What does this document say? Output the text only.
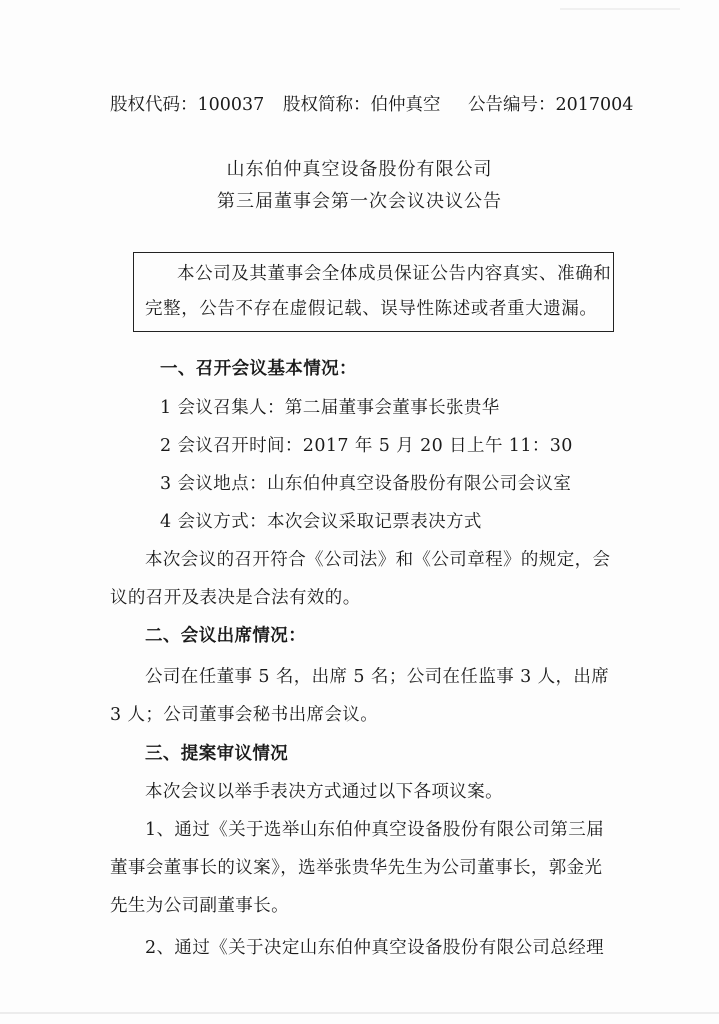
股权代码：100037 股权简称：伯仲真空 公告编号：2017004
山东伯仲真空设备股份有限公司
第三届董事会第一次会议决议公告
本公司及其董事会全体成员保证公告内容真实、准确和
完整，公告不存在虚假记载、误导性陈述或者重大遗漏。
一、召开会议基本情况：
1 会议召集人：第二届董事会董事长张贵华
2 会议召开时间：2017 年 5 月 20 日上午 11：30
3 会议地点：山东伯仲真空设备股份有限公司会议室
4 会议方式：本次会议采取记票表决方式
本次会议的召开符合《公司法》和《公司章程》的规定，会
议的召开及表决是合法有效的。
二、会议出席情况：
公司在任董事 5 名，出席 5 名；公司在任监事 3 人，出席
3 人；公司董事会秘书出席会议。
三、提案审议情况
本次会议以举手表决方式通过以下各项议案。
1、通过《关于选举山东伯仲真空设备股份有限公司第三届
董事会董事长的议案》，选举张贵华先生为公司董事长，郭金光
先生为公司副董事长。
2、通过《关于决定山东伯仲真空设备股份有限公司总经理
